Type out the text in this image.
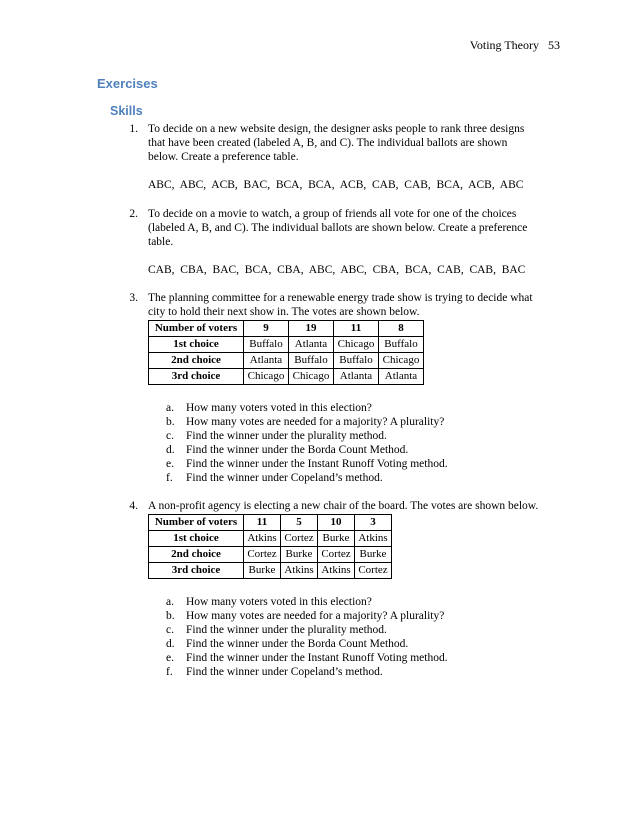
Voting Theory   53
Exercises
Skills
1. To decide on a new website design, the designer asks people to rank three designs
that have been created (labeled A, B, and C). The individual ballots are shown
below. Create a preference table.
ABC,  ABC,  ACB,  BAC,  BCA,  BCA,  ACB,  CAB,  CAB,  BCA,  ACB,  ABC
2. To decide on a movie to watch, a group of friends all vote for one of the choices
(labeled A, B, and C). The individual ballots are shown below. Create a preference
table.
CAB,  CBA,  BAC,  BCA,  CBA,  ABC,  ABC,  CBA,  BCA,  CAB,  CAB,  BAC
3. The planning committee for a renewable energy trade show is trying to decide what
city to hold their next show in. The votes are shown below.
Number of voters	9	19	11	8
1st choice	Buffalo	Atlanta	Chicago	Buffalo
2nd choice	Atlanta	Buffalo	Buffalo	Chicago
3rd choice	Chicago	Chicago	Atlanta	Atlanta
a. How many voters voted in this election?
b. How many votes are needed for a majority? A plurality?
c. Find the winner under the plurality method.
d. Find the winner under the Borda Count Method.
e. Find the winner under the Instant Runoff Voting method.
f. Find the winner under Copeland’s method.
4. A non-profit agency is electing a new chair of the board. The votes are shown below.
Number of voters	11	5	10	3
1st choice	Atkins	Cortez	Burke	Atkins
2nd choice	Cortez	Burke	Cortez	Burke
3rd choice	Burke	Atkins	Atkins	Cortez
a. How many voters voted in this election?
b. How many votes are needed for a majority? A plurality?
c. Find the winner under the plurality method.
d. Find the winner under the Borda Count Method.
e. Find the winner under the Instant Runoff Voting method.
f. Find the winner under Copeland’s method.
